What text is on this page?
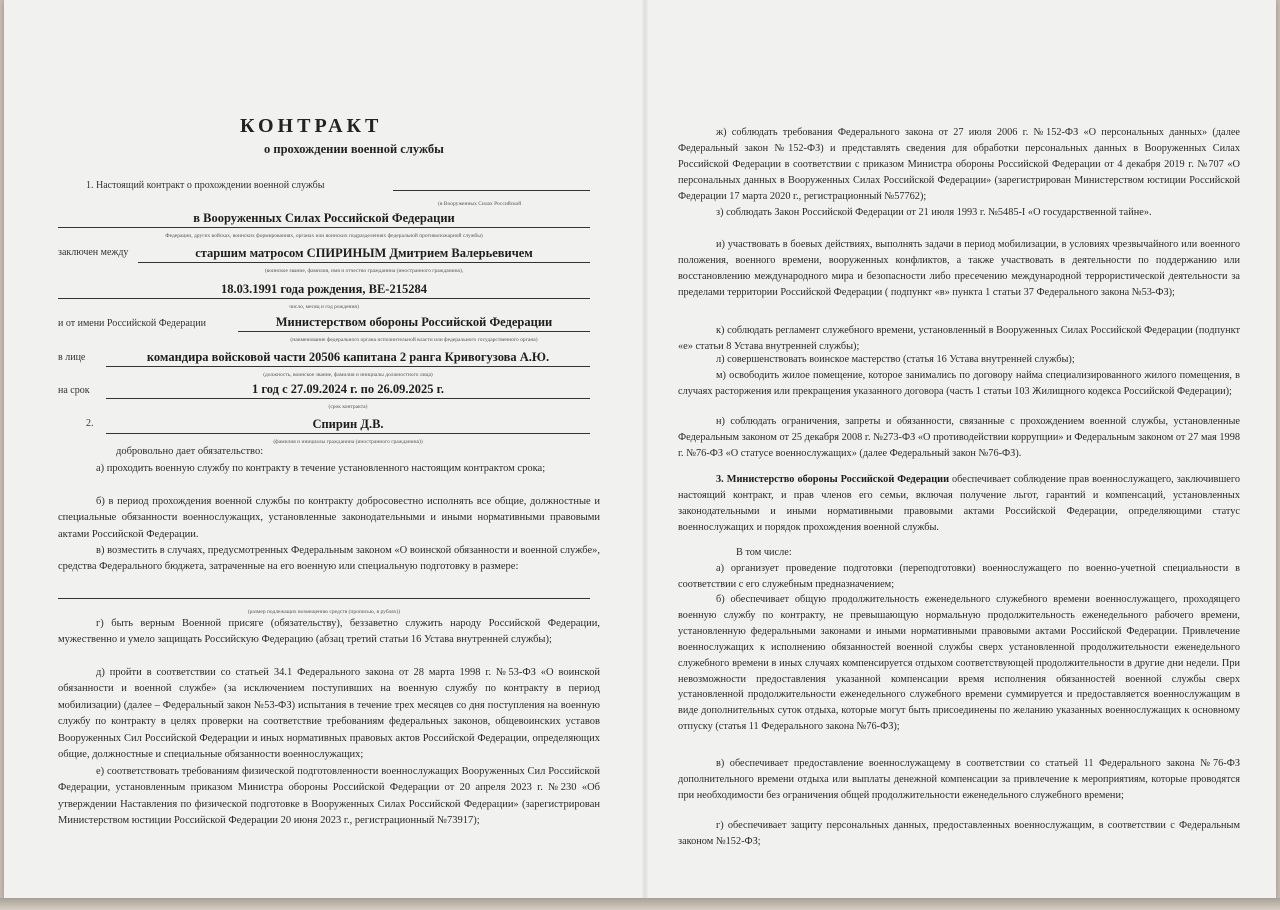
КОНТРАКТ
о прохождении военной службы
1. Настоящий контракт о прохождении военной службы
(в Вооруженных Силах Российской
в Вооруженных Силах Российской Федерации
Федерации, других войсках, воинских формированиях, органах или воинских подразделениях федеральной противопожарной службы)
заключен между	старшим матросом СПИРИНЫМ Дмитрием Валерьевичем
(воинское звание, фамилия, имя и отчество гражданина (иностранного гражданина),
18.03.1991 года рождения, ВЕ-215284
число, месяц и год рождения)
и от имени Российской Федерации	Министерством обороны Российской Федерации
(наименование федерального органа исполнительной власти или федерального государственного органа)
в лице	командира войсковой части 20506 капитана 2 ранга Кривогузова А.Ю.
(должность, воинское звание, фамилия и инициалы должностного лица)
на срок	1 год с 27.09.2024 г. по 26.09.2025 г.
(срок контракта)
2.	Спирин Д.В.
(фамилия и инициалы гражданина (иностранного гражданина))
добровольно дает обязательство:
а) проходить военную службу по контракту в течение установленного настоящим контрактом срока;
б) в период прохождения военной службы по контракту добросовестно исполнять все общие, должностные и специальные обязанности военнослужащих, установленные законодательными и иными нормативными правовыми актами Российской Федерации.
в) возместить в случаях, предусмотренных Федеральным законом «О воинской обязанности и военной службе», средства Федерального бюджета, затраченные на его военную или специальную подготовку в размере:
(размер подлежащих возмещению средств (прописью, в рублях))
г) быть верным Военной присяге (обязательству), беззаветно служить народу Российской Федерации, мужественно и умело защищать Российскую Федерацию (абзац третий статьи 16 Устава внутренней службы);
д) пройти в соответствии со статьей 34.1 Федерального закона от 28 марта 1998 г. №53-ФЗ «О воинской обязанности и военной службе» (за исключением поступивших на военную службу по контракту в период мобилизации) (далее – Федеральный закон №53-ФЗ) испытания в течение трех месяцев со дня поступления на военную службу по контракту в целях проверки на соответствие требованиям федеральных законов, общевоинских уставов Вооруженных Сил Российской Федерации и иных нормативных правовых актов Российской Федерации, определяющих общие, должностные и специальные обязанности военнослужащих;
е) соответствовать требованиям физической подготовленности военнослужащих Вооруженных Сил Российской Федерации, установленным приказом Министра обороны Российской Федерации от 20 апреля 2023 г. №230 «Об утверждении Наставления по физической подготовке в Вооруженных Силах Российской Федерации» (зарегистрирован Министерством юстиции Российской Федерации 20 июня 2023 г., регистрационный №73917);
ж) соблюдать требования Федерального закона от 27 июля 2006 г. №152-ФЗ «О персональных данных» (далее Федеральный закон №152-ФЗ) и представлять сведения для обработки персональных данных в Вооруженных Силах Российской Федерации в соответствии с приказом Министра обороны Российской Федерации от 4 декабря 2019 г. №707 «О персональных данных в Вооруженных Силах Российской Федерации» (зарегистрирован Министерством юстиции Российской Федерации 17 марта 2020 г., регистрационный №57762);
з) соблюдать Закон Российской Федерации от 21 июля 1993 г. №5485-I «О государственной тайне».
и) участвовать в боевых действиях, выполнять задачи в период мобилизации, в условиях чрезвычайного или военного положения, военного времени, вооруженных конфликтов, а также участвовать в деятельности по поддержанию или восстановлению международного мира и безопасности либо пресечению международной террористической деятельности за пределами территории Российской Федерации ( подпункт «в» пункта 1 статьи 37 Федерального закона №53-ФЗ);
к) соблюдать регламент служебного времени, установленный в Вооруженных Силах Российской Федерации (подпункт «е» статьи 8 Устава внутренней службы);
л) совершенствовать воинское мастерство (статья 16 Устава внутренней службы);
м) освободить жилое помещение, которое занимались по договору найма специализированного жилого помещения, в случаях расторжения или прекращения указанного договора (часть 1 статьи 103 Жилищного кодекса Российской Федерации);
н) соблюдать ограничения, запреты и обязанности, связанные с прохождением военной службы, установленные Федеральным законом от 25 декабря 2008 г. №273-ФЗ «О противодействии коррупции» и Федеральным законом от 27 мая 1998 г. №76-ФЗ «О статусе военнослужащих» (далее Федеральный закон №76-ФЗ).
3. Министерство обороны Российской Федерации обеспечивает соблюдение прав военнослужащего, заключившего настоящий контракт, и прав членов его семьи, включая получение льгот, гарантий и компенсаций, установленных законодательными и иными нормативными правовыми актами Российской Федерации, определяющими статус военнослужащих и порядок прохождения военной службы.
В том числе:
а) организует проведение подготовки (переподготовки) военнослужащего по военно-учетной специальности в соответствии с его служебным предназначением;
б) обеспечивает общую продолжительность еженедельного служебного времени военнослужащего, проходящего военную службу по контракту, не превышающую нормальную продолжительность еженедельного рабочего времени, установленную федеральными законами и иными нормативными правовыми актами Российской Федерации. Привлечение военнослужащих к исполнению обязанностей военной службы сверх установленной продолжительности еженедельного служебного времени в иных случаях компенсируется отдыхом соответствующей продолжительности в другие дни недели. При невозможности предоставления указанной компенсации время исполнения обязанностей военной службы сверх установленной продолжительности еженедельного служебного времени суммируется и предоставляется военнослужащим в виде дополнительных суток отдыха, которые могут быть присоединены по желанию указанных военнослужащих к основному отпуску (статья 11 Федерального закона №76-ФЗ);
в) обеспечивает предоставление военнослужащему в соответствии со статьей 11 Федерального закона №76-ФЗ дополнительного времени отдыха или выплаты денежной компенсации за привлечение к мероприятиям, которые проводятся при необходимости без ограничения общей продолжительности еженедельного служебного времени;
г) обеспечивает защиту персональных данных, предоставленных военнослужащим, в соответствии с Федеральным законом №152-ФЗ;
